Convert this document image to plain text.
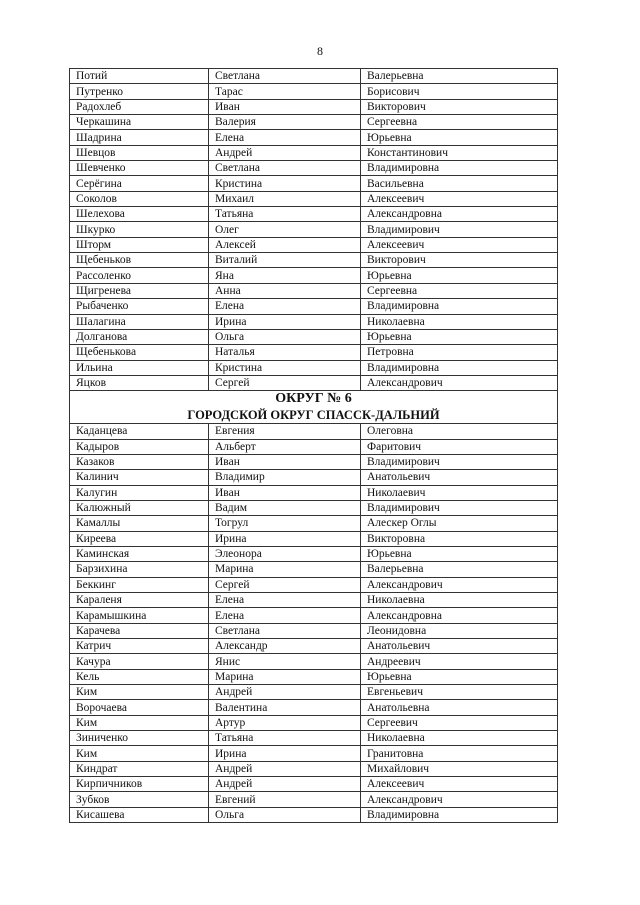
8
Потий	Светлана	Валерьевна
Путренко	Тарас	Борисович
Радохлеб	Иван	Викторович
Черкашина	Валерия	Сергеевна
Шадрина	Елена	Юрьевна
Шевцов	Андрей	Константинович
Шевченко	Светлана	Владимировна
Серёгина	Кристина	Васильевна
Соколов	Михаил	Алексеевич
Шелехова	Татьяна	Александровна
Шкурко	Олег	Владимирович
Шторм	Алексей	Алексеевич
Щебеньков	Виталий	Викторович
Рассоленко	Яна	Юрьевна
Щигренева	Анна	Сергеевна
Рыбаченко	Елена	Владимировна
Шалагина	Ирина	Николаевна
Долганова	Ольга	Юрьевна
Щебенькова	Наталья	Петровна
Ильина	Кристина	Владимировна
Яцков	Сергей	Александрович
ОКРУГ № 6		
ГОРОДСКОЙ ОКРУГ СПАССК-ДАЛЬНИЙ		
Каданцева	Евгения	Олеговна
Кадыров	Альберт	Фаритович
Казаков	Иван	Владимирович
Калинич	Владимир	Анатольевич
Калугин	Иван	Николаевич
Калюжный	Вадим	Владимирович
Камаллы	Тогрул	Алескер Оглы
Киреева	Ирина	Викторовна
Каминская	Элеонора	Юрьевна
Барзихина	Марина	Валерьевна
Беккинг	Сергей	Александрович
Караленя	Елена	Николаевна
Карамышкина	Елена	Александровна
Карачева	Светлана	Леонидовна
Катрич	Александр	Анатольевич
Качура	Янис	Андреевич
Кель	Марина	Юрьевна
Ким	Андрей	Евгеньевич
Ворочаева	Валентина	Анатольевна
Ким	Артур	Сергеевич
Зиниченко	Татьяна	Николаевна
Ким	Ирина	Гранитовна
Киндрат	Андрей	Михайлович
Кирпичников	Андрей	Алексеевич
Зубков	Евгений	Александрович
Кисашева	Ольга	Владимировна
